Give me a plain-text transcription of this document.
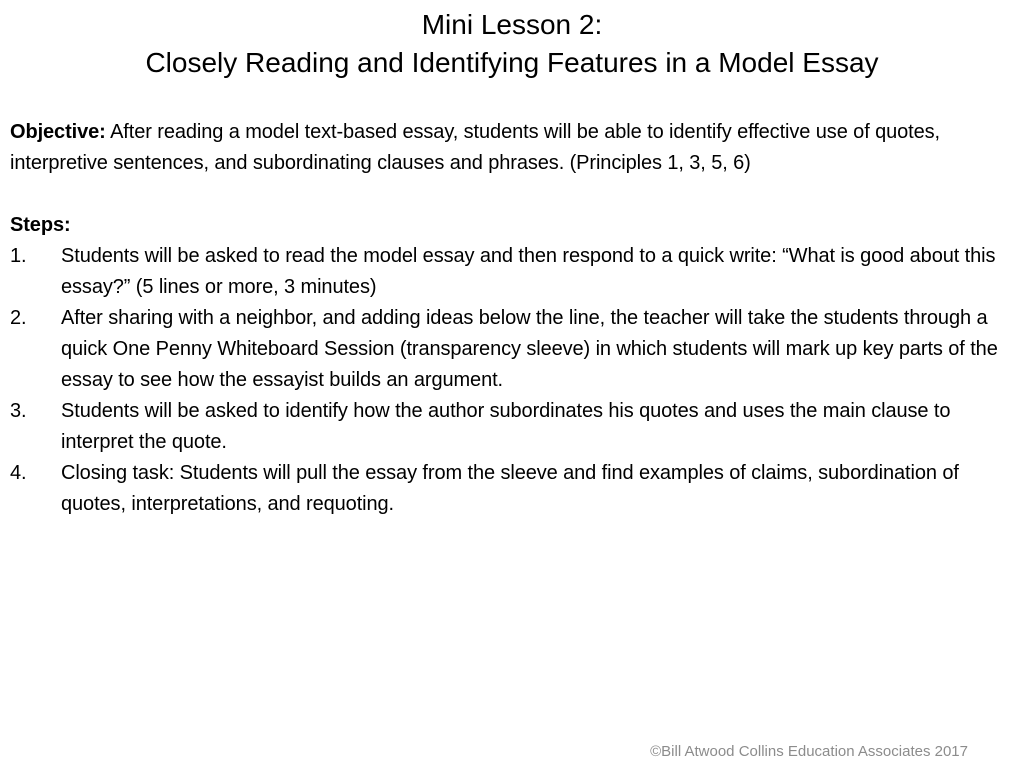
Mini Lesson 2:
Closely Reading and Identifying Features in a Model Essay

Objective: After reading a model text-based essay, students will be able to identify effective use of quotes, interpretive sentences, and subordinating clauses and phrases. (Principles 1, 3, 5, 6)

Steps:

1. Students will be asked to read the model essay and then respond to a quick write: “What is good about this essay?” (5 lines or more, 3 minutes)
2. After sharing with a neighbor, and adding ideas below the line, the teacher will take the students through a quick One Penny Whiteboard Session (transparency sleeve) in which students will mark up key parts of the essay to see how the essayist builds an argument.
3. Students will be asked to identify how the author subordinates his quotes and uses the main clause to interpret the quote.
4. Closing task: Students will pull the essay from the sleeve and find examples of claims, subordination of quotes, interpretations, and requoting.
©Bill Atwood Collins Education Associates 2017
